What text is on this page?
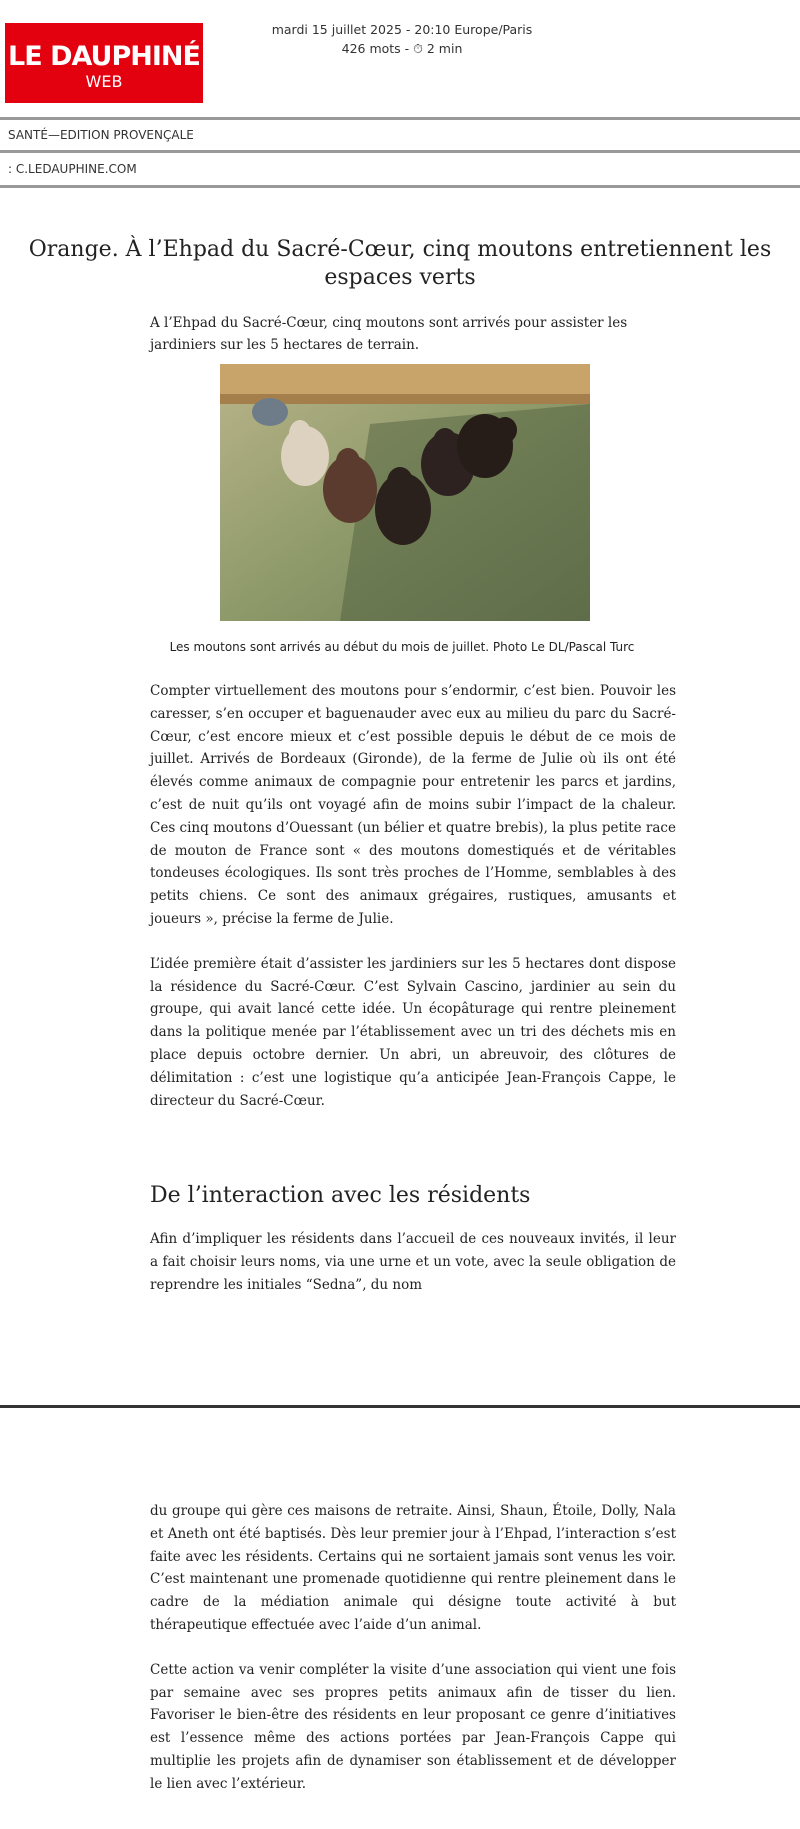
LE DAUPHINÉ
WEB
mardi 15 juillet 2025 - 20:10 Europe/Paris
426 mots - ⏱ 2 min
SANTÉ—EDITION PROVENÇALE
: C.LEDAUPHINE.COM
Orange. À l’Ehpad du Sacré-Cœur, cinq moutons entretiennent les espaces verts
A l’Ehpad du Sacré-Cœur, cinq moutons sont arrivés pour assister les jardiniers sur les 5 hectares de terrain.
Les moutons sont arrivés au début du mois de juillet. Photo Le DL/Pascal Turc

Compter virtuellement des moutons pour s’endormir, c’est bien. Pouvoir les caresser, s’en occuper et baguenauder avec eux au milieu du parc du Sacré-Cœur, c’est encore mieux et c’est possible depuis le début de ce mois de juillet. Arrivés de Bordeaux (Gironde), de la ferme de Julie où ils ont été élevés comme animaux de compagnie pour entretenir les parcs et jardins, c’est de nuit qu’ils ont voyagé afin de moins subir l’impact de la chaleur. Ces cinq moutons d’Ouessant (un bélier et quatre brebis), la plus petite race de mouton de France sont « des moutons domestiqués et de véritables tondeuses écologiques. Ils sont très proches de l’Homme, semblables à des petits chiens. Ce sont des animaux grégaires, rustiques, amusants et joueurs », précise la ferme de Julie.

L’idée première était d’assister les jardiniers sur les 5 hectares dont dispose la résidence du Sacré-Cœur. C’est Sylvain Cascino, jardinier au sein du groupe, qui avait lancé cette idée. Un écopâturage qui rentre pleinement dans la politique menée par l’établissement avec un tri des déchets mis en place depuis octobre dernier. Un abri, un abreuvoir, des clôtures de délimitation : c’est une logistique qu’a anticipée Jean-François Cappe, le directeur du Sacré-Cœur.

De l’interaction avec les résidents

Afin d’impliquer les résidents dans l’accueil de ces nouveaux invités, il leur a fait choisir leurs noms, via une urne et un vote, avec la seule obligation de reprendre les initiales “Sedna”, du nom

du groupe qui gère ces maisons de retraite. Ainsi, Shaun, Étoile, Dolly, Nala et Aneth ont été baptisés. Dès leur premier jour à l’Ehpad, l’interaction s’est faite avec les résidents. Certains qui ne sortaient jamais sont venus les voir. C’est maintenant une promenade quotidienne qui rentre pleinement dans le cadre de la médiation animale qui désigne toute activité à but thérapeutique effectuée avec l’aide d’un animal.

Cette action va venir compléter la visite d’une association qui vient une fois par semaine avec ses propres petits animaux afin de tisser du lien. Favoriser le bien-être des résidents en leur proposant ce genre d’initiatives est l’essence même des actions portées par Jean-François Cappe qui multiplie les projets afin de dynamiser son établissement et de développer le lien avec l’extérieur.
